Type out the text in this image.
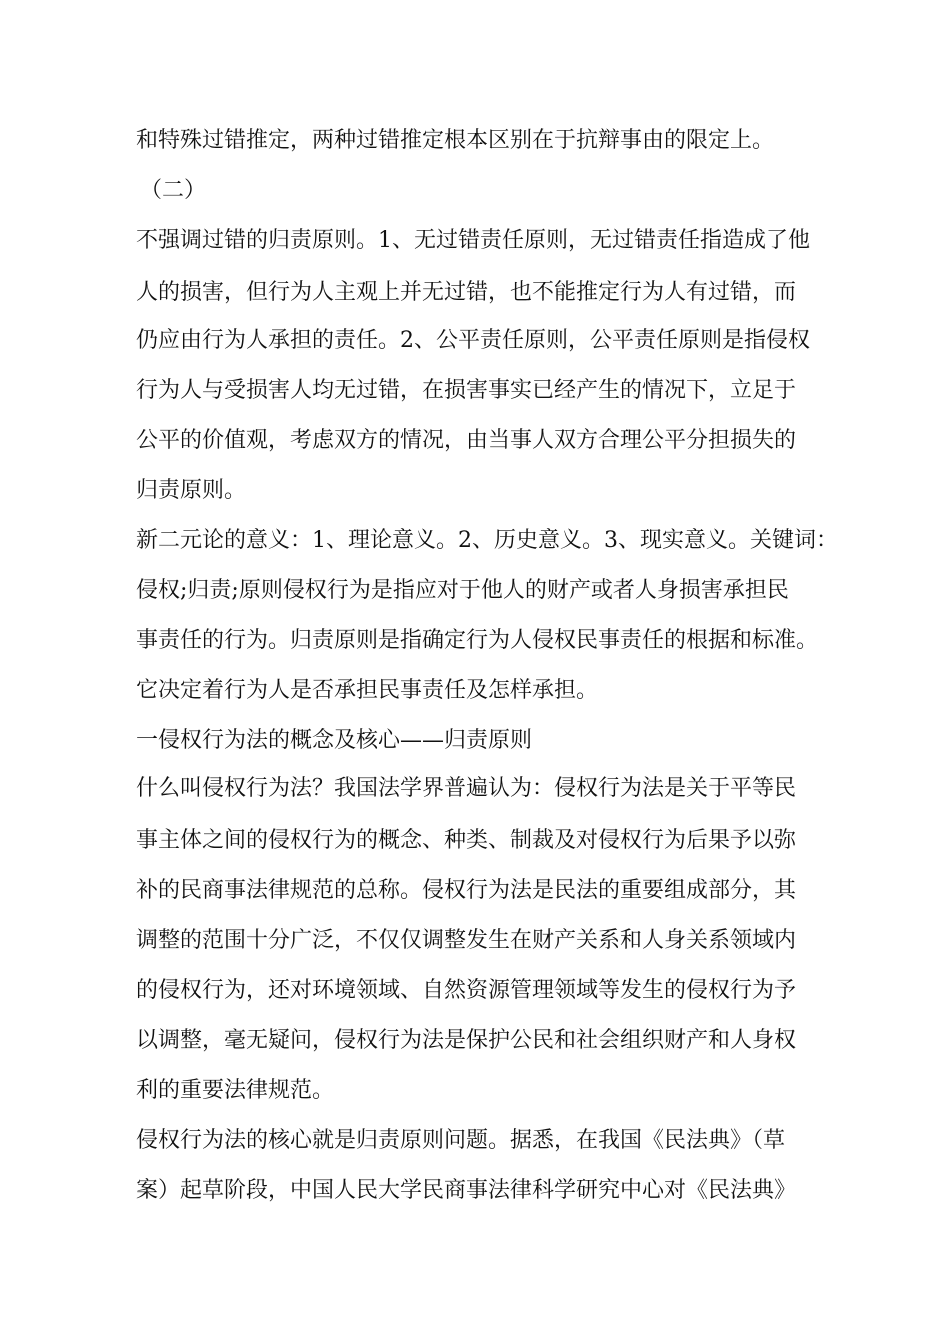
和特殊过错推定，两种过错推定根本区别在于抗辩事由的限定上。
（二）
不强调过错的归责原则。1、无过错责任原则，无过错责任指造成了他
人的损害，但行为人主观上并无过错，也不能推定行为人有过错，而
仍应由行为人承担的责任。2、公平责任原则，公平责任原则是指侵权
行为人与受损害人均无过错，在损害事实已经产生的情况下，立足于
公平的价值观，考虑双方的情况，由当事人双方合理公平分担损失的
归责原则。
新二元论的意义：1、理论意义。2、历史意义。3、现实意义。关键词：
侵权;归责;原则侵权行为是指应对于他人的财产或者人身损害承担民
事责任的行为。归责原则是指确定行为人侵权民事责任的根据和标准。
它决定着行为人是否承担民事责任及怎样承担。
一侵权行为法的概念及核心——归责原则
什么叫侵权行为法？我国法学界普遍认为：侵权行为法是关于平等民
事主体之间的侵权行为的概念、种类、制裁及对侵权行为后果予以弥
补的民商事法律规范的总称。侵权行为法是民法的重要组成部分，其
调整的范围十分广泛，不仅仅调整发生在财产关系和人身关系领域内
的侵权行为，还对环境领域、自然资源管理领域等发生的侵权行为予
以调整，毫无疑问，侵权行为法是保护公民和社会组织财产和人身权
利的重要法律规范。
侵权行为法的核心就是归责原则问题。据悉，在我国《民法典》（草
案）起草阶段，中国人民大学民商事法律科学研究中心对《民法典》
